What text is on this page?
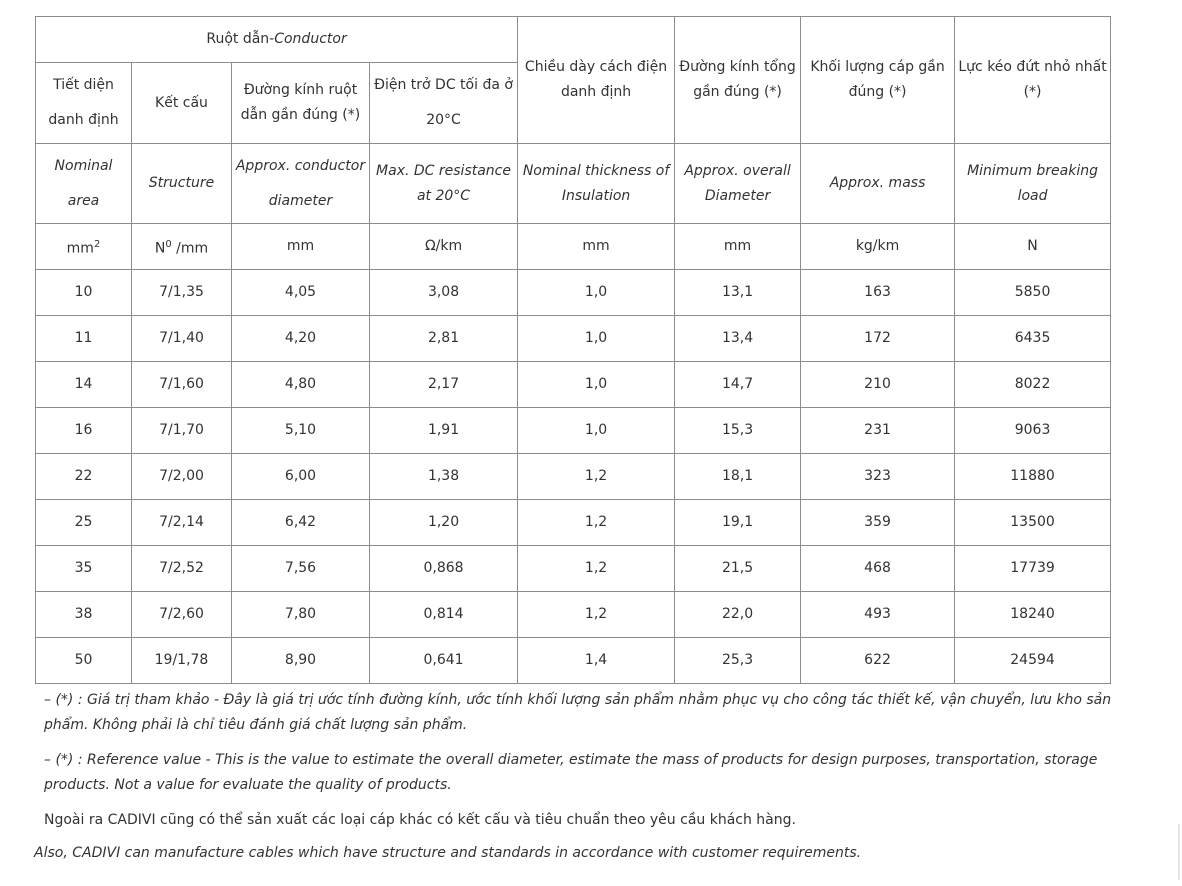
Ruột dẫn-Conductor				Chiều dày cách điện danh định	Đường kính tổng gần đúng (*)	Khối lượng cáp gần đúng (*)	Lực kéo đứt nhỏ nhất (*)
Tiết diện danh định	Kết cấu	Đường kính ruột dẫn gần đúng (*)	Điện trở DC tối đa ở 20°C				
Nominal area	Structure	Approx. conductor diameter	Max. DC resistance at 20°C	Nominal thickness of Insulation	Approx. overall Diameter	Approx. mass	Minimum breaking load
$mm^2$	$N^0$ /mm	mm	Ω/km	mm	mm	kg/km	N
10	7/1,35	4,05	3,08	1,0	13,1	163	5850
11	7/1,40	4,20	2,81	1,0	13,4	172	6435
14	7/1,60	4,80	2,17	1,0	14,7	210	8022
16	7/1,70	5,10	1,91	1,0	15,3	231	9063
22	7/2,00	6,00	1,38	1,2	18,1	323	11880
25	7/2,14	6,42	1,20	1,2	19,1	359	13500
35	7/2,52	7,56	0,868	1,2	21,5	468	17739
38	7/2,60	7,80	0,814	1,2	22,0	493	18240
50	19/1,78	8,90	0,641	1,4	25,3	622	24594

– (*) : Giá trị tham khảo - Đây là giá trị ước tính đường kính, ước tính khối lượng sản phẩm nhằm phục vụ cho công tác thiết kế, vận chuyển, lưu kho sản phẩm. Không phải là chỉ tiêu đánh giá chất lượng sản phẩm.

– (*) : Reference value - This is the value to estimate the overall diameter, estimate the mass of products for design purposes, transportation, storage products. Not a value for evaluate the quality of products.

Ngoài ra CADIVI cũng có thể sản xuất các loại cáp khác có kết cấu và tiêu chuẩn theo yêu cầu khách hàng.

Also, CADIVI can manufacture cables which have structure and standards in accordance with customer requirements.
